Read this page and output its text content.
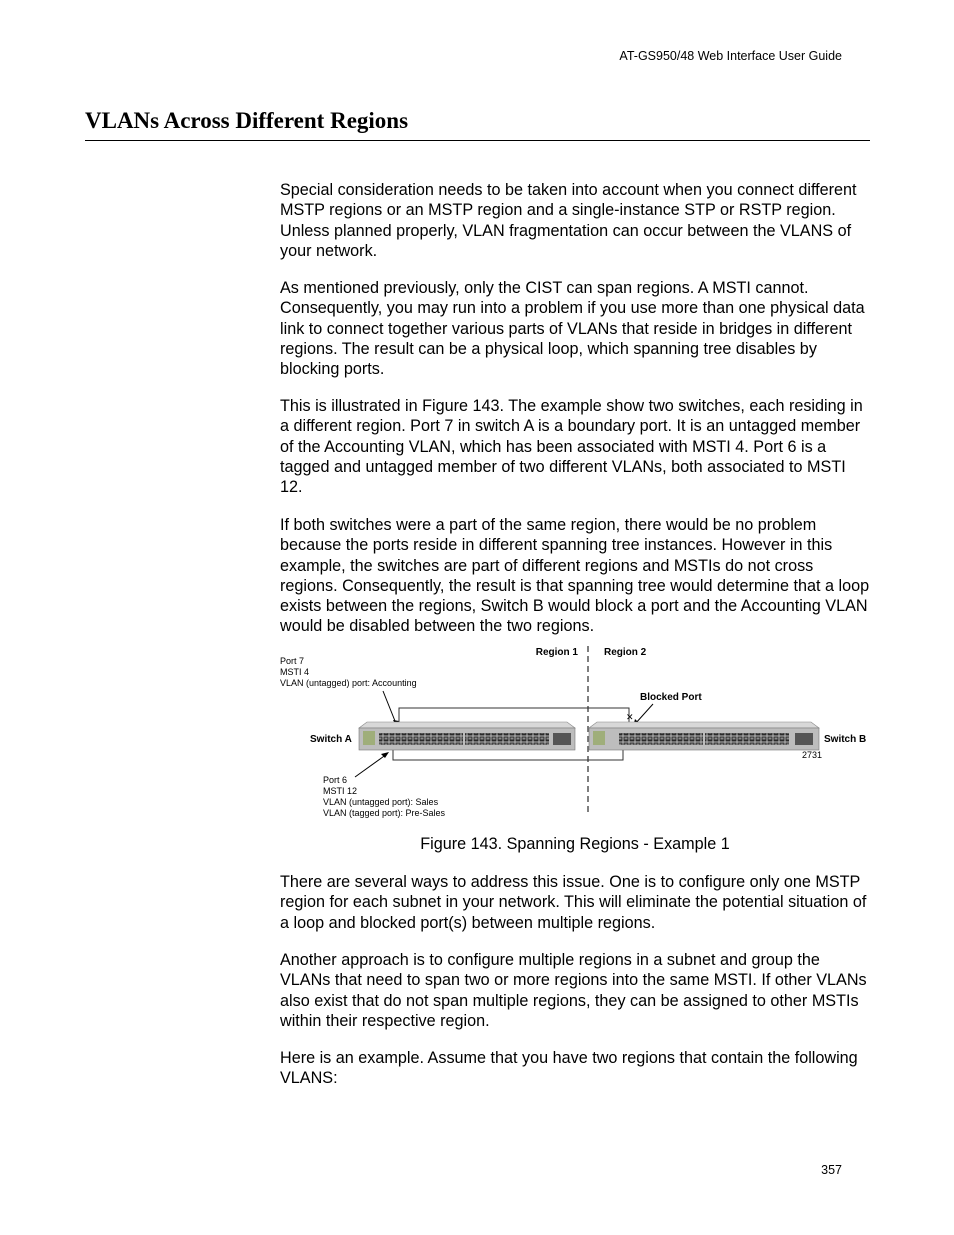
AT-GS950/48 Web Interface User Guide
VLANs Across Different Regions

Special consideration needs to be taken into account when you connect different MSTP regions or an MSTP region and a single-instance STP or RSTP region. Unless planned properly, VLAN fragmentation can occur between the VLANS of your network.

As mentioned previously, only the CIST can span regions. A MSTI cannot. Consequently, you may run into a problem if you use more than one physical data link to connect together various parts of VLANs that reside in bridges in different regions. The result can be a physical loop, which spanning tree disables by blocking ports.

This is illustrated in Figure 143. The example show two switches, each residing in a different region. Port 7 in switch A is a boundary port. It is an untagged member of the Accounting VLAN, which has been associated with MSTI 4. Port 6 is a tagged and untagged member of two different VLANs, both associated to MSTI 12.

If both switches were a part of the same region, there would be no problem because the ports reside in different spanning tree instances. However in this example, the switches are part of different regions and MSTIs do not cross regions. Consequently, the result is that spanning tree would determine that a loop exists between the regions, Switch B would block a port and the Accounting VLAN would be disabled between the two regions.

Region 1	Region 2
Port 7
MSTI 4
VLAN (untagged) port: Accounting
Blocked Port
✕
Switch A	Switch B
2731
Port 6
MSTI 12
VLAN (untagged port): Sales
VLAN (tagged port): Pre-Sales
Figure 143. Spanning Regions - Example 1

There are several ways to address this issue. One is to configure only one MSTP region for each subnet in your network. This will eliminate the potential situation of a loop and blocked port(s) between multiple regions.

Another approach is to configure multiple regions in a subnet and group the VLANs that need to span two or more regions into the same MSTI. If other VLANs also exist that do not span multiple regions, they can be assigned to other MSTIs within their respective region.

Here is an example. Assume that you have two regions that contain the following VLANS:

357
